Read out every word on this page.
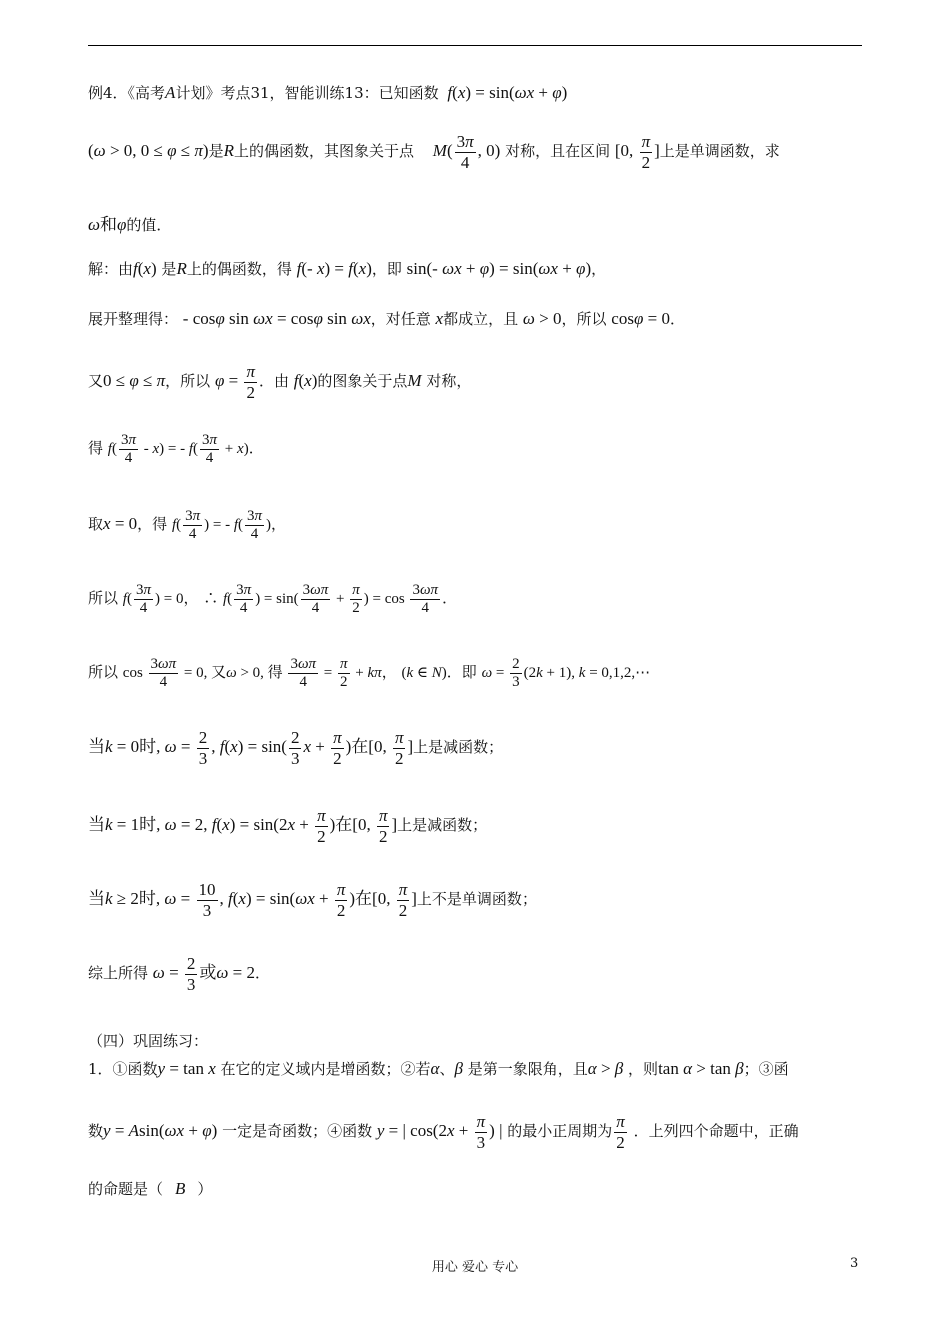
例4．《高考A计划》考点31，智能训练13：已知函数 f(x) = sin(ωx + φ)
(ω > 0, 0 ≤ φ ≤ π)是R上的偶函数，其图象关于点 $M( \frac{3\pi}{4}$ , 0) 对称，且在区间 [0, $\frac{\pi}{2}$ ]上是单调函数，求
ω和φ的值．
解：由f(x) 是R上的偶函数，得 f(- x) = f(x)，即 sin(- ωx + φ) = sin(ωx + φ)，
展开整理得： - cosφ sin ωx = cosφ sin ωx，对任意 x都成立，且 ω > 0，所以 cosφ = 0．
又0 ≤ φ ≤ π，所以 $\varphi = \frac{\pi}{2}$ ．由 f(x)的图象关于点M 对称，
得 $f( \frac{3\pi}{4} - x)$ = - $f( \frac{3\pi}{4} + x)$．
取x = 0，得 $f( \frac{3\pi}{4}$ ) = - $f( \frac{3\pi}{4}$ )，
所以 $f( \frac{3\pi}{4}$ ) = 0， ∴ $f( \frac{3\pi}{4}$ ) = $\sin( \frac{3\omega\pi}{4} + \frac{\pi}{2}$ ) = $\cos \frac{3\omega\pi}{4}$ ．
所以 $\cos \frac{3\omega\pi}{4} = 0$, 又ω > 0, 得 $\frac{3\omega\pi}{4} = \frac{\pi}{2} + k\pi$， (k ∈ N)．即 $\omega = \frac{2}{3} (2k + 1)$, k = 0,1,2,⋯
当k = 0时, $\omega = \frac{2}{3}$ , $f(x) = \sin( \frac{2}{3}$ $x + \frac{\pi}{2}$ )在[0, $\frac{\pi}{2}$ ]上是减函数；
当k = 1时, ω = 2, $f(x) = \sin(2x + \frac{\pi}{2}$ )在[0, $\frac{\pi}{2}$ ]上是减函数；
当k ≥ 2时, $\omega = \frac{10}{3}$ , $f(x) = \sin(\omega x + \frac{\pi}{2}$ )在[0, $\frac{\pi}{2}$ ]上不是单调函数；
综上所得 $\omega = \frac{2}{3}$ 或ω = 2．
（四）巩固练习：
1．①函数y = tan x 在它的定义域内是增函数；②若α、β 是第一象限角，且α > β ，则tan α > tan β；③函
数y = Asin(ωx + φ) 一定是奇函数；④函数 y = | $\cos(2x + \frac{\pi}{3}$ ) | 的最小正周期为 $\frac{\pi}{2}$ ．上列四个命题中，正确
的命题是（ B ）
用心 爱心 专心	3
